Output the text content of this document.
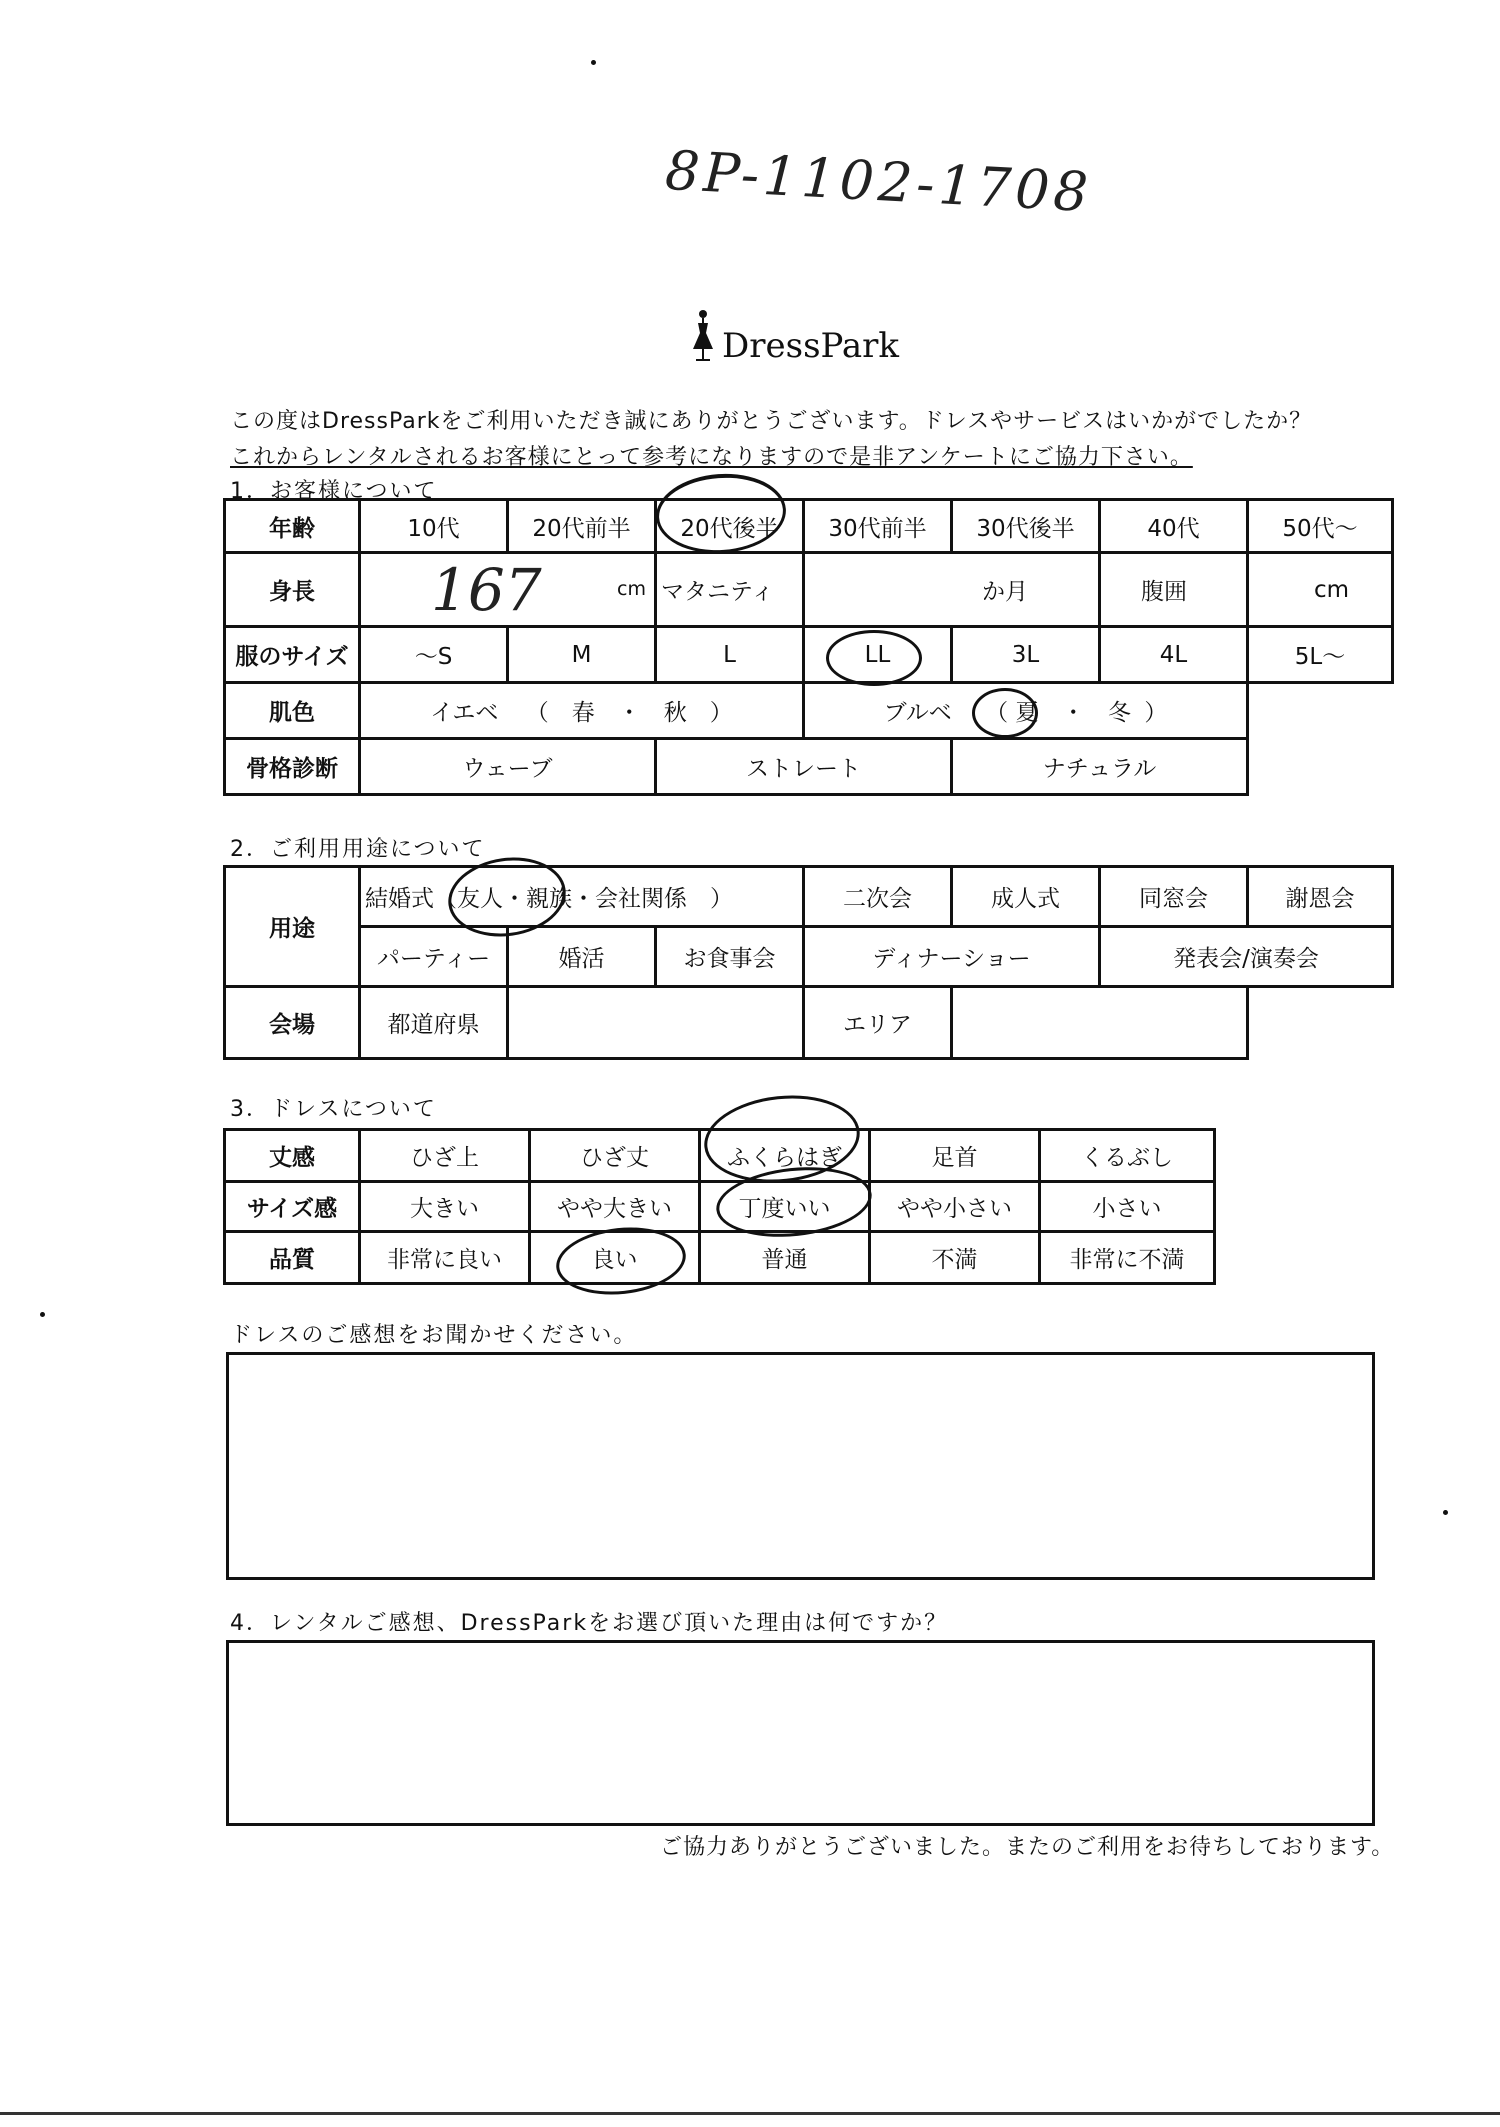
8P-1102-1708
DressPark
この度はDressParkをご利用いただき誠にありがとうございます。ドレスやサービスはいかがでしたか？
これからレンタルされるお客様にとって参考になりますので是非アンケートにご協力下さい。
1．お客様について
年齢	10代	20代前半	20代後半	30代前半	30代後半	40代	50代〜
身長	167 cm		マタニティ	か月		腹囲	cm
服のサイズ	〜S	M	L	LL	3L	4L	5L〜
肌色	イエベ （　春　・　秋　）			ブルベ （ 夏 ・ 冬 ）			
骨格診断	ウェーブ		ストレート		ナチュラル		
2．ご利用用途について
用途	結婚式（友人・親族・会社関係　）			二次会	成人式	同窓会	謝恩会
	パーティー	婚活	お食事会	ディナーショー		発表会/演奏会	
会場	都道府県			エリア			
3．ドレスについて
丈感	ひざ上	ひざ丈	ふくらはぎ	足首	くるぶし
サイズ感	大きい	やや大きい	丁度いい	やや小さい	小さい
品質	非常に良い	良い	普通	不満	非常に不満
ドレスのご感想をお聞かせください。
4．レンタルご感想、DressParkをお選び頂いた理由は何ですか？
ご協力ありがとうございました。またのご利用をお待ちしております。
